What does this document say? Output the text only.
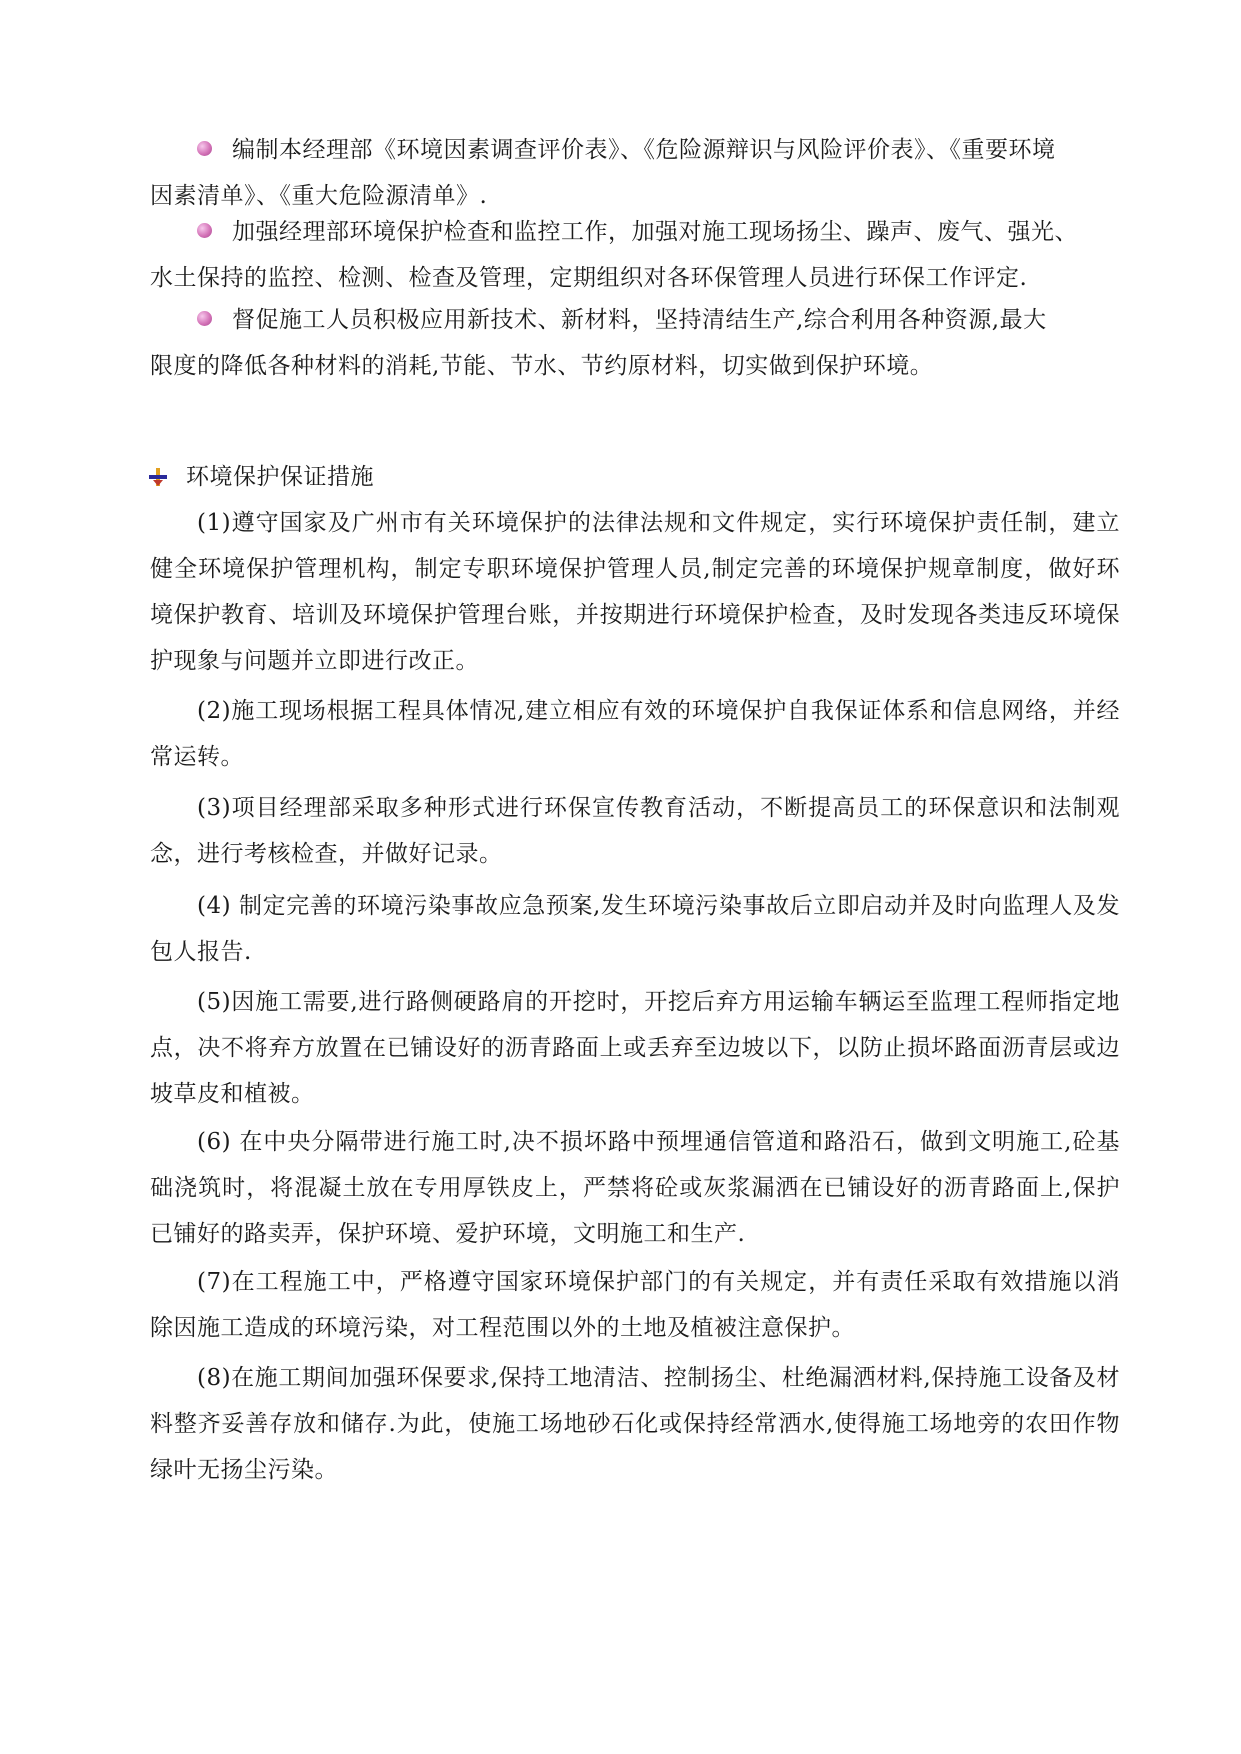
编制本经理部《环境因素调查评价表》、《危险源辩识与风险评价表》、《重要环境
因素清单》、《重大危险源清单》.

加强经理部环境保护检查和监控工作，加强对施工现场扬尘、躁声、废气、强光、
水土保持的监控、检测、检查及管理，定期组织对各环保管理人员进行环保工作评定.

督促施工人员积极应用新技术、新材料，坚持清结生产,综合利用各种资源,最大
限度的降低各种材料的消耗,节能、节水、节约原材料，切实做到保护环境。

环境保护保证措施

(1)遵守国家及广州市有关环境保护的法律法规和文件规定，实行环境保护责任制，建立健全环境保护管理机构，制定专职环境保护管理人员,制定完善的环境保护规章制度，做好环境保护教育、培训及环境保护管理台账，并按期进行环境保护检查，及时发现各类违反环境保护现象与问题并立即进行改正。

(2)施工现场根据工程具体情况,建立相应有效的环境保护自我保证体系和信息网络，并经常运转。

(3)项目经理部采取多种形式进行环保宣传教育活动，不断提高员工的环保意识和法制观念，进行考核检查，并做好记录。

(4) 制定完善的环境污染事故应急预案,发生环境污染事故后立即启动并及时向监理人及发包人报告.

(5)因施工需要,进行路侧硬路肩的开挖时，开挖后弃方用运输车辆运至监理工程师指定地点，决不将弃方放置在已铺设好的沥青路面上或丢弃至边坡以下，以防止损坏路面沥青层或边坡草皮和植被。

(6) 在中央分隔带进行施工时,决不损坏路中预埋通信管道和路沿石，做到文明施工,砼基础浇筑时，将混凝土放在专用厚铁皮上，严禁将砼或灰浆漏洒在已铺设好的沥青路面上,保护已铺好的路卖弄，保护环境、爱护环境，文明施工和生产.

(7)在工程施工中，严格遵守国家环境保护部门的有关规定，并有责任采取有效措施以消除因施工造成的环境污染，对工程范围以外的土地及植被注意保护。

(8)在施工期间加强环保要求,保持工地清洁、控制扬尘、杜绝漏洒材料,保持施工设备及材料整齐妥善存放和储存.为此，使施工场地砂石化或保持经常洒水,使得施工场地旁的农田作物绿叶无扬尘污染。
